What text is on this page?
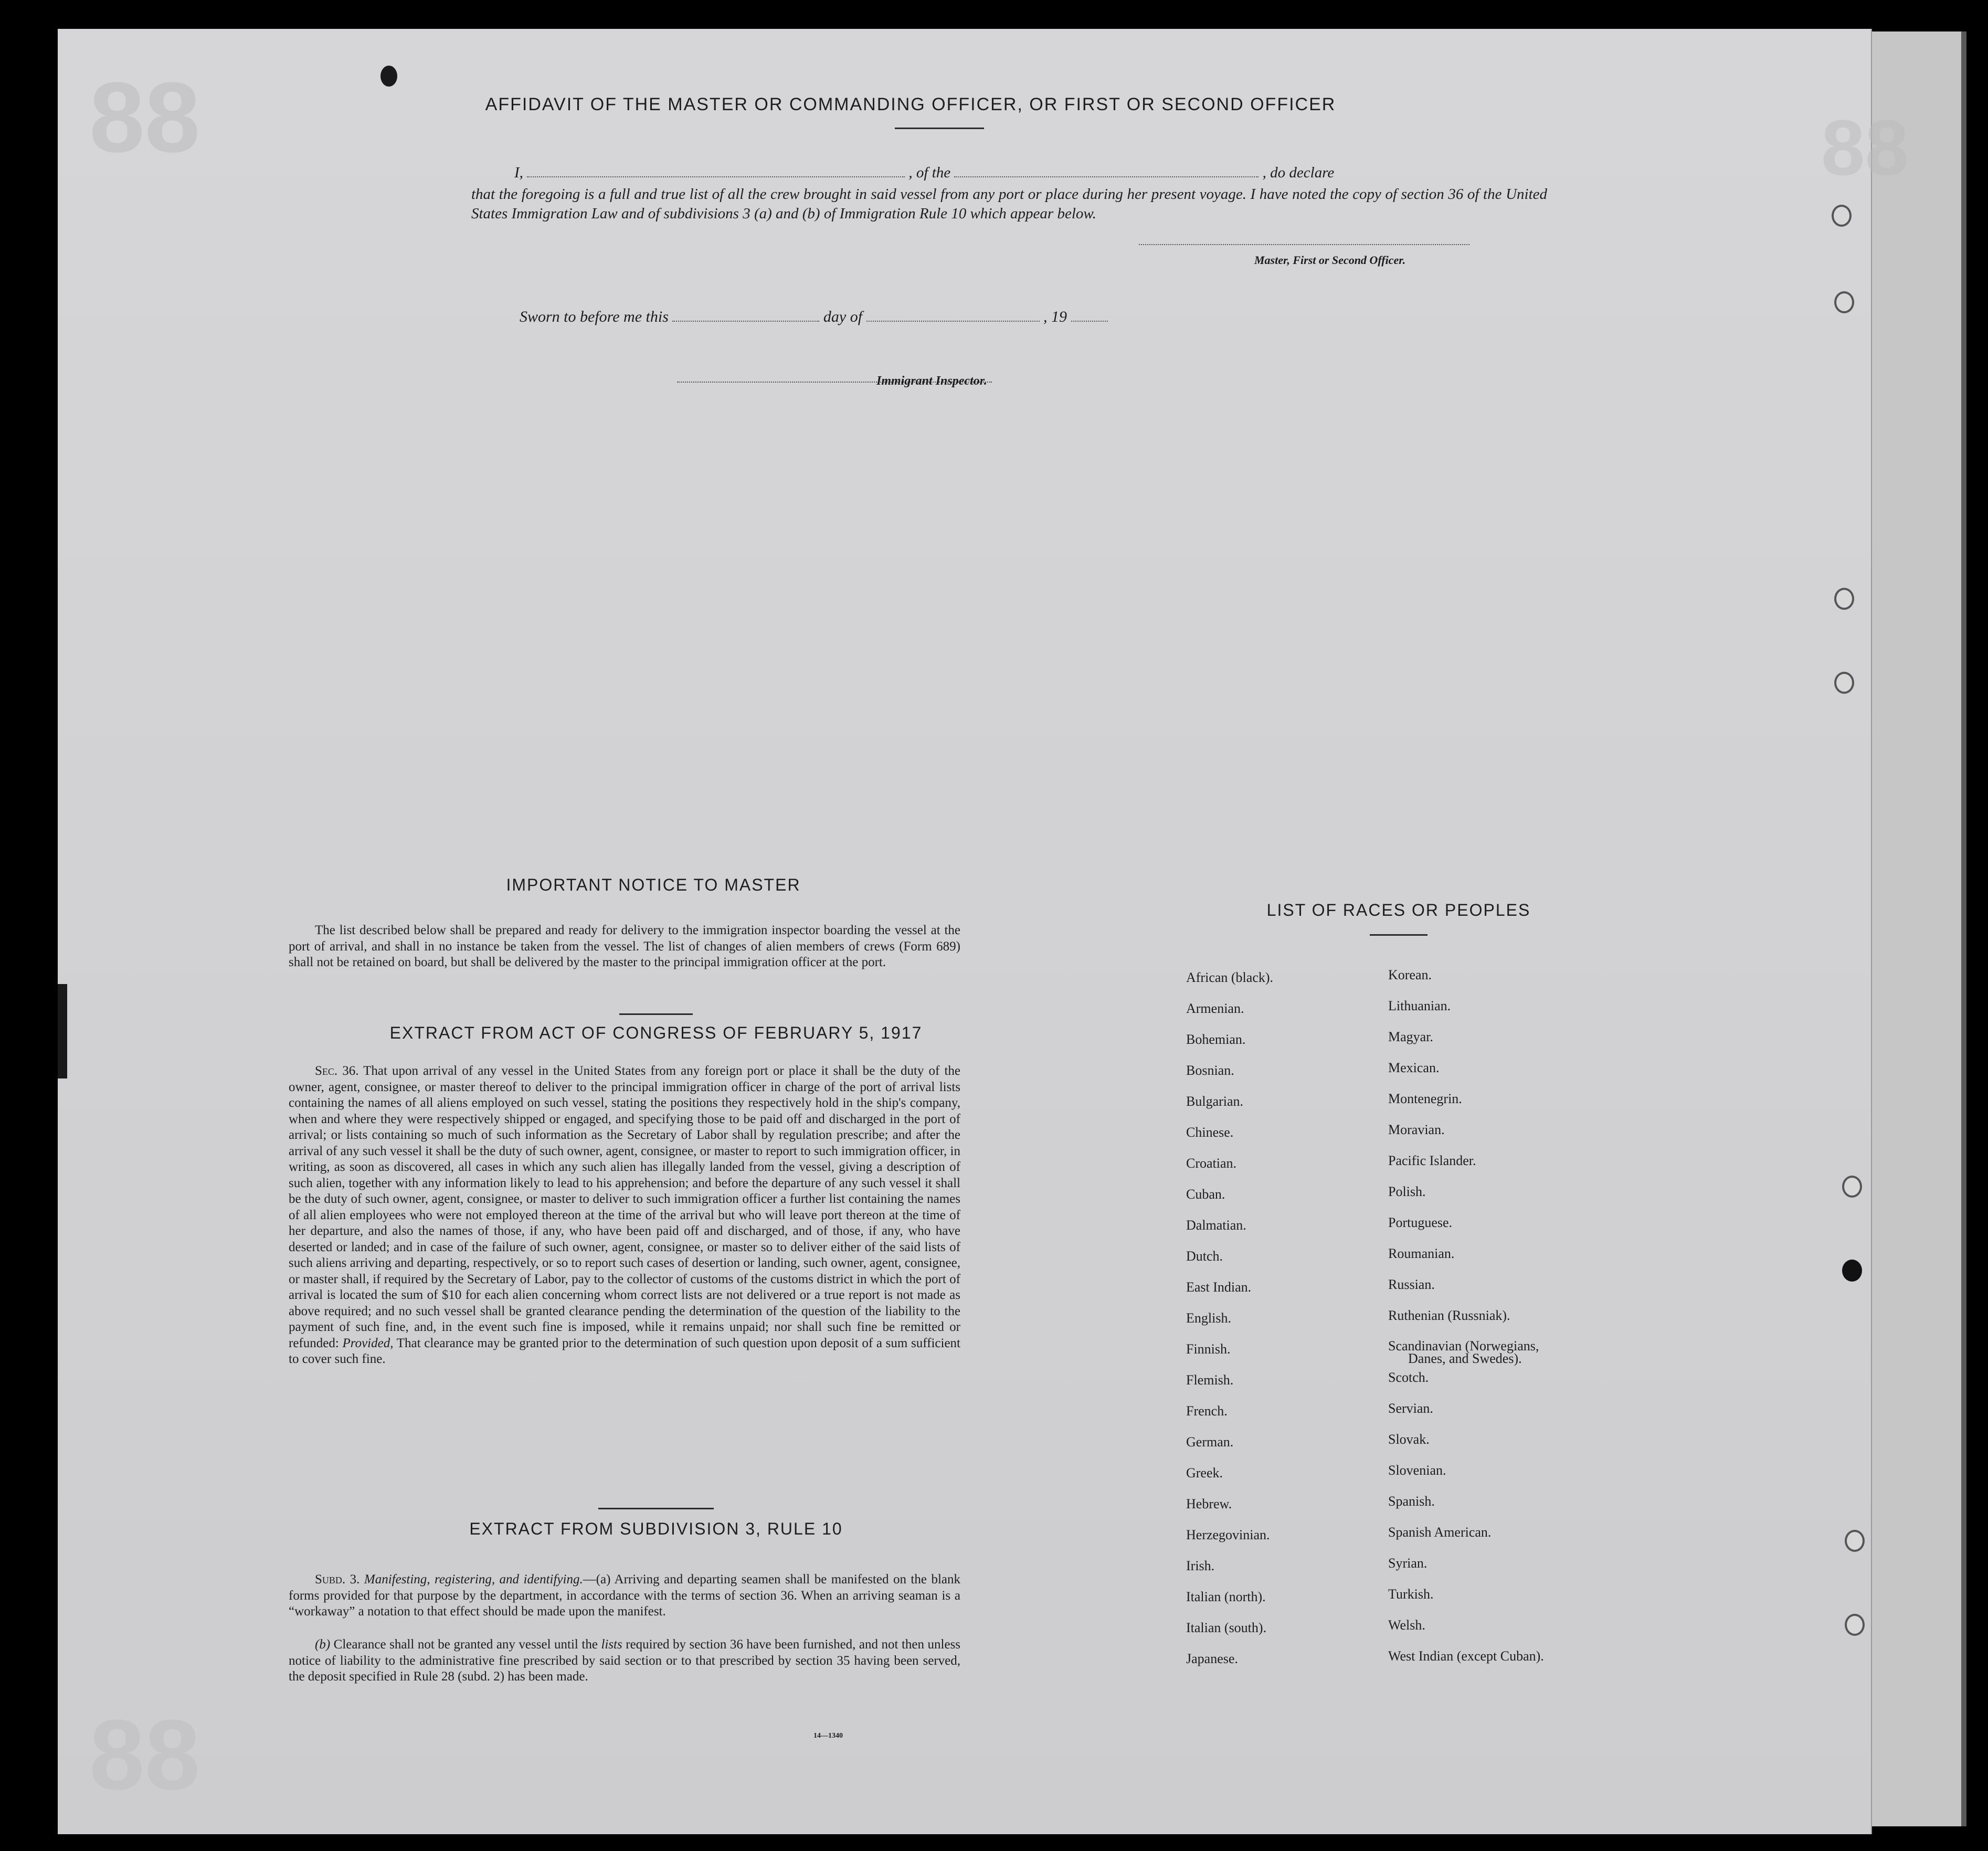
88
88
88
AFFIDAVIT OF THE MASTER OR COMMANDING OFFICER, OR FIRST OR SECOND OFFICER
I,	, of the	, do declare

that the foregoing is a full and true list of all the crew brought in said vessel from any port or place during her present voyage. I have noted the copy of section 36 of the United States Immigration Law and of subdivisions 3 (a) and (b) of Immigration Rule 10 which appear below.

Master, First or Second Officer.
Sworn to before me this	day of	, 19
Immigrant Inspector.
IMPORTANT NOTICE TO MASTER

The list described below shall be prepared and ready for delivery to the immigration inspector boarding the vessel at the port of arrival, and shall in no instance be taken from the vessel. The list of changes of alien members of crews (Form 689) shall not be retained on board, but shall be delivered by the master to the principal immigration officer at the port.

EXTRACT FROM ACT OF CONGRESS OF FEBRUARY 5, 1917

Sec. 36. That upon arrival of any vessel in the United States from any foreign port or place it shall be the duty of the owner, agent, consignee, or master thereof to deliver to the principal immigration officer in charge of the port of arrival lists containing the names of all aliens employed on such vessel, stating the positions they respectively hold in the ship's company, when and where they were respectively shipped or engaged, and specifying those to be paid off and discharged in the port of arrival; or lists containing so much of such information as the Secretary of Labor shall by regulation prescribe; and after the arrival of any such vessel it shall be the duty of such owner, agent, consignee, or master to report to such immigration officer, in writing, as soon as discovered, all cases in which any such alien has illegally landed from the vessel, giving a description of such alien, together with any information likely to lead to his apprehension; and before the departure of any such vessel it shall be the duty of such owner, agent, consignee, or master to deliver to such immigration officer a further list containing the names of all alien employees who were not employed thereon at the time of the arrival but who will leave port thereon at the time of her departure, and also the names of those, if any, who have been paid off and discharged, and of those, if any, who have deserted or landed; and in case of the failure of such owner, agent, consignee, or master so to deliver either of the said lists of such aliens arriving and departing, respectively, or so to report such cases of desertion or landing, such owner, agent, consignee, or master shall, if required by the Secretary of Labor, pay to the collector of customs of the customs district in which the port of arrival is located the sum of $10 for each alien concerning whom correct lists are not delivered or a true report is not made as above required; and no such vessel shall be granted clearance pending the determination of the question of the liability to the payment of such fine, and, in the event such fine is imposed, while it remains unpaid; nor shall such fine be remitted or refunded: Provided, That clearance may be granted prior to the determination of such question upon deposit of a sum sufficient to cover such fine.

EXTRACT FROM SUBDIVISION 3, RULE 10

Subd. 3. Manifesting, registering, and identifying.—(a) Arriving and departing seamen shall be manifested on the blank forms provided for that purpose by the department, in accordance with the terms of section 36. When an arriving seaman is a “workaway” a notation to that effect should be made upon the manifest.

(b) Clearance shall not be granted any vessel until the lists required by section 36 have been furnished, and not then unless notice of liability to the administrative fine prescribed by said section or to that prescribed by section 35 having been served, the deposit specified in Rule 28 (subd. 2) has been made.

14—1340
LIST OF RACES OR PEOPLES
African (black).
Armenian.
Bohemian.
Bosnian.
Bulgarian.
Chinese.
Croatian.
Cuban.
Dalmatian.
Dutch.
East Indian.
English.
Finnish.
Flemish.
French.
German.
Greek.
Hebrew.
Herzegovinian.
Irish.
Italian (north).
Italian (south).
Japanese.
Korean.
Lithuanian.
Magyar.
Mexican.
Montenegrin.
Moravian.
Pacific Islander.
Polish.
Portuguese.
Roumanian.
Russian.
Ruthenian (Russniak).
Scandinavian (Norwegians,
Danes, and Swedes).
Scotch.
Servian.
Slovak.
Slovenian.
Spanish.
Spanish American.
Syrian.
Turkish.
Welsh.
West Indian (except Cuban).
